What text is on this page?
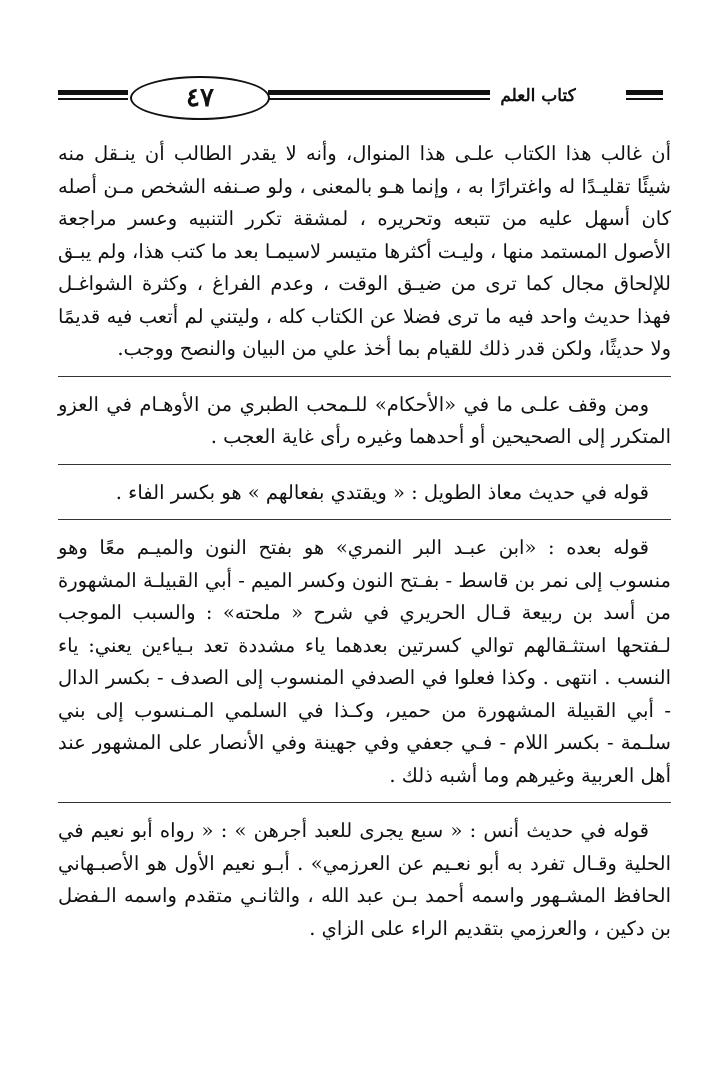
٤٧	كتاب العلم

أن غالب هذا الكتاب علـى هذا المنوال، وأنه لا يقدر الطالب أن ينـقل منه شيئًا تقليـدًا له واغترارًا به ، وإنما هـو بالمعنى ، ولو صـنفه الشخص مـن أصله كان أسهل عليه من تتبعه وتحريره ، لمشقة تكرر التنبيه وعسر مراجعة الأصول المستمد منها ، وليـت أكثرها متيسر لاسيمـا بعد ما كتب هذا، ولم يبـق للإلحاق مجال كما ترى من ضيـق الوقت ، وعدم الفراغ ، وكثرة الشواغـل فهذا حديث واحد فيه ما ترى فضلا عن الكتاب كله ، وليتني لم أتعب فيه قديمًا ولا حديثًا، ولكن قدر ذلك للقيام بما أخذ علي من البيان والنصح ووجب.

ومن وقف علـى ما في «الأحكام» للـمحب الطبري من الأوهـام في العزو المتكرر إلى الصحيحين أو أحدهما وغيره رأى غاية العجب .

قوله في حديث معاذ الطويل : « ويقتدي بفعالهم » هو بكسر الفاء .

قوله بعده : «ابن عبـد البر النمري» هو بفتح النون والميـم معًا وهو منسوب إلى نمر بن قاسط - بفـتح النون وكسر الميم - أبي القبيلـة المشهورة من أسد بن ربيعة قـال الحريري في شرح « ملحته» : والسبب الموجب لـفتحها استثـقالهم توالي كسرتين بعدهما ياء مشددة تعد بـياءين يعني: ياء النسب . انتهى . وكذا فعلوا في الصدفي المنسوب إلى الصدف - بكسر الدال - أبي القبيلة المشهورة من حمير، وكـذا في السلمي المـنسوب إلى بني سلـمة - بكسر اللام - فـي جعفي وفي جهينة وفي الأنصار على المشهور عند أهل العربية وغيرهم وما أشبه ذلك .

قوله في حديث أنس : « سبع يجرى للعبد أجرهن » : « رواه أبو نعيم في الحلية وقـال تفرد به أبو نعـيم عن العرزمي» . أبـو نعيم الأول هو الأصبـهاني الحافظ المشـهور واسمه أحمد بـن عبد الله ، والثانـي متقدم واسمه الـفضل بن دكين ، والعرزمي بتقديم الراء على الزاي .
